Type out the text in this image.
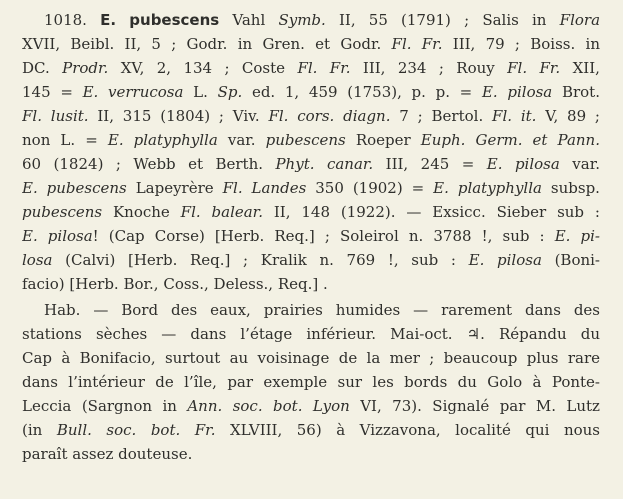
1018. E. pubescens Vahl Symb. II, 55 (1791) ; Salis in Flora
XVII, Beibl. II, 5 ; Godr. in Gren. et Godr. Fl. Fr. III, 79 ; Boiss. in
DC. Prodr. XV, 2, 134 ; Coste Fl. Fr. III, 234 ; Rouy Fl. Fr. XII,
145 = E. verrucosa L. Sp. ed. 1, 459 (1753), p. p. = E. pilosa Brot.
Fl. lusit. II, 315 (1804) ; Viv. Fl. cors. diagn. 7 ; Bertol. Fl. it. V, 89 ;
non L. = E. platyphylla var. pubescens Roeper Euph. Germ. et Pann.
60 (1824) ; Webb et Berth. Phyt. canar. III, 245 = E. pilosa var.
E. pubescens Lapeyrère Fl. Landes 350 (1902) = E. platyphylla subsp.
pubescens Knoche Fl. balear. II, 148 (1922). — Exsicc. Sieber sub :
E. pilosa! (Cap Corse) [Herb. Req.] ; Soleirol n. 3788 !, sub : E. pi-
losa (Calvi) [Herb. Req.] ; Kralik n. 769 !, sub : E. pilosa (Boni-
facio) [Herb. Bor., Coss., Deless., Req.] .
Hab. — Bord des eaux, prairies humides — rarement dans des
stations sèches — dans l’étage inférieur. Mai-oct. ♃. Répandu du
Cap à Bonifacio, surtout au voisinage de la mer ; beaucoup plus rare
dans l’intérieur de l’île, par exemple sur les bords du Golo à Ponte-
Leccia (Sargnon in Ann. soc. bot. Lyon VI, 73). Signalé par M. Lutz
(in Bull. soc. bot. Fr. XLVIII, 56) à Vizzavona, localité qui nous
paraît assez douteuse.
